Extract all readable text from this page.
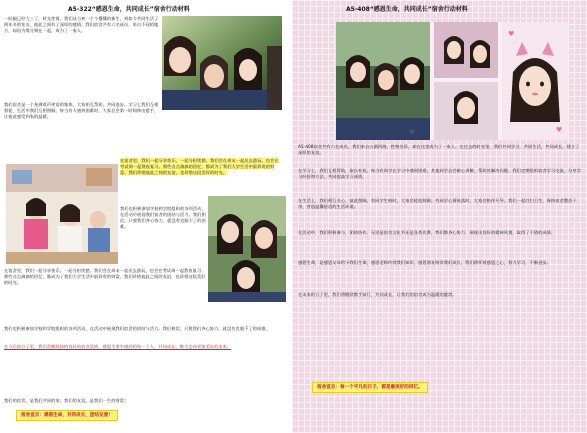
A5-322“感恩生命，共同成长”宿舍行动材料
一眨眼已经大三了，时光荏苒，我们从当初一个个懵懂的新生，到如今共同生活了两年多的室友，彼此之间有了深厚的感情。我们宿舍共有六名成员，来自不同的地方，却因为缘分聚在一起，成为了一家人。
我们宿舍是一个充满欢声笑语的集体，大家相互帮助，共同进步。学习上我们互相督促，生活中我们互相照顾。每当有人遇到困难时，大家总会第一时间伸出援手，让彼此感受到家的温暖。
在宿舍里，我们一起分享快乐，一起分担忧愁。我们会在周末一起出去游玩，也会在考试周一起熬夜复习。那些点点滴滴的回忆，都成为了我们大学生活中最珍贵的财富。我们珍惜彼此之间的友谊，也珍惜这段美好的时光。
我们也积极参加学校和学院组织的各项活动，在活动中展现我们宿舍的团结与活力。我们相信，只要我们齐心协力，就没有克服不了的困难。
在宿舍里，我们一起分享快乐，一起分担忧愁。我们会在周末一起出去游玩，也会在考试周一起熬夜复习。那些点点滴滴的回忆，都成为了我们大学生活中最珍贵的财富。我们珍惜彼此之间的友谊，也珍惜这段美好的时光。
我们也积极参加学校和学院组织的各项活动，在活动中展现我们宿舍的团结与活力。我们相信，只要我们齐心协力，就没有克服不了的困难。
在今后的日子里，我们会继续保持良好的宿舍氛围，感恩生命中遇到的每一个人，共同成长，携手走向更加美好的未来。
我们的宿舍，是我们共同的家；我们的友谊，是我们一生的财富！
宿舍宣言：感恩生命，共同成长，团结友爱！
A5-408“感恩生命，共同成长”宿舍行动材料
♡
♥
♥
A5-408宿舍共有六名成员，我们来自五湖四海，性格各异，却在这里成为了一家人。在过去的时光里，我们共同学习，共同生活，共同成长，建立了深厚的友谊。
在学习上，我们互相帮助，取长补短。每当有同学在学习中遇到困难，其他同学总会耐心讲解，帮助其解决问题。我们定期组织宿舍学习交流，分享学习经验和方法，共同提高学习成绩。
在生活上，我们相互关心，彼此照顾。有同学生病时，大家会轮流照顾；有同学心情低落时，大家会陪伴开导。我们一起打扫卫生，保持宿舍整洁干净，营造温馨舒适的生活环境。
在活动中，我们积极参与，团结协作。无论是宿舍文化节还是各类比赛，我们都齐心协力，展现出良好的精神风貌，取得了不错的成绩。
感恩生命，是感恩父母给予我们生命，感恩老师传授我们知识，感恩朋友陪伴我们成长。我们将怀着感恩之心，努力学习，不断进步。
在未来的日子里，我们将继续携手前行，共同成长，让我们的宿舍成为温暖的港湾。
宿舍宣言：每一个平凡的日子，都是最美好的回忆。
